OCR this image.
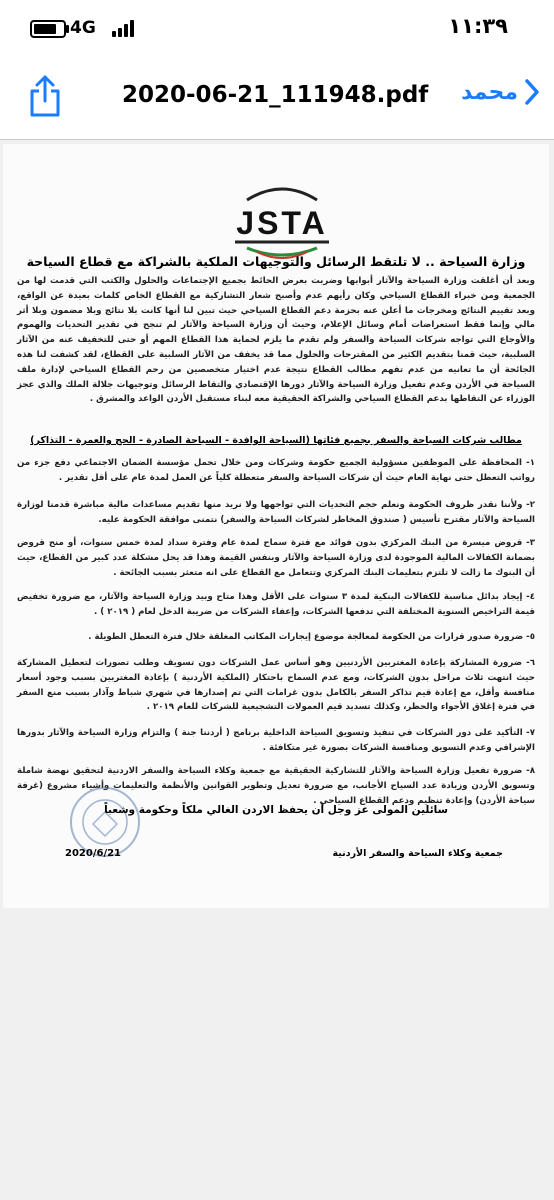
4G	١١:٣٩
2020-06-21_111948.pdf محمد
JSTA
وزارة السياحة .. لا تلتقط الرسائل والتوجيهات الملكية بالشراكة مع قطاع السياحة
وبعد أن أغلقت وزارة السياحة والآثار أبوابها وضربت بعرض الحائط بجميع الإجتماعات والحلول والكتب التي قدمت لها من الجمعية ومن خبراء القطاع السياحي وكان رأيهم عدم وأصبح شعار التشاركية مع القطاع الخاص كلمات بعيدة عن الواقع، وبعد تقييم النتائج ومخرجات ما أعلن عنه بحزمة دعم القطاع السياحي حيث تبين لنا أنها كانت بلا نتائج وبلا مضمون وبلا أثر مالي وإنما فقط استعراضات أمام وسائل الإعلام، وحيث أن وزارة السياحة والآثار لم تنجح في تقدير التحديات والهموم والأوجاع التي تواجه شركات السياحة والسفر ولم تقدم ما يلزم لحماية هذا القطاع المهم أو حتى للتخفيف عنه من الآثار السلبية، حيث قمنا بتقديم الكثير من المقترحات والحلول مما قد يخفف من الآثار السلبية على القطاع، لقد كشفت لنا هذه الجائحة أن ما تعانيه من عدم تفهم مطالب القطاع نتيجة عدم اختيار متخصصين من رحم القطاع السياحي لإدارة ملف السياحة في الأردن وعدم تفعيل وزارة السياحة والآثار دورها الإقتصادي والتقاط الرسائل وتوجيهات جلالة الملك والذي عجز الوزراء عن التقاطها بدعم القطاع السياحي والشراكة الحقيقية معه لبناء مستقبل الأردن الواعد والمشرق .
مطالب شركات السياحة والسفر بجميع فئاتها (السياحة الوافدة - السياحة الصادرة - الحج والعمرة - التذاكر)
١- المحافظة على الموظفين مسؤولية الجميع حكومة وشركات ومن خلال تحمل مؤسسة الضمان الاجتماعي دفع جزء من رواتب التعطل حتى نهاية العام حيث أن شركات السياحة والسفر متعطلة كلياً عن العمل لمدة عام على أقل تقدير .
٢- ولأننا نقدر ظروف الحكومة ونعلم حجم التحديات التي تواجهها ولا نريد منها تقديم مساعدات مالية مباشرة قدمنا لوزارة السياحة والآثار مقترح تأسيس ( صندوق المخاطر لشركات السياحة والسفر) نتمنى موافقة الحكومة عليه.
٣- قروض ميسرة من البنك المركزي بدون فوائد مع فترة سماح لمدة عام وفترة سداد لمدة خمس سنوات، أو منح قروض بضمانة الكفالات المالية الموجودة لدى وزارة السياحة والآثار وبنفس القيمة وهذا قد يحل مشكلة عدد كبير من القطاع، حيث أن البنوك ما زالت لا تلتزم بتعليمات البنك المركزي وتتعامل مع القطاع على انه متعثر بسبب الجائحة .
٤- إيجاد بدائل مناسبة للكفالات البنكية لمدة ٣ سنوات على الأقل وهذا متاح وبيد وزارة السياحة والآثار، مع ضرورة تخفيض قيمة التراخيص السنوية المختلفة التي تدفعها الشركات، وإعفاء الشركات من ضريبة الدخل لعام ( ٢٠١٩ ) .
٥- ضرورة صدور قرارات من الحكومة لمعالجة موضوع إيجارات المكاتب المغلقة خلال فترة التعطل الطويلة .
٦- ضرورة المشاركة بإعادة المغتربين الأردنيين وهو أساس عمل الشركات دون تسويف وطلب تصورات لتعطيل المشاركة حيث انتهت ثلاث مراحل بدون الشركات، ومع عدم السماح باحتكار (الملكية الأردنية ) بإعادة المغتربين بسبب وجود أسعار منافسة وأقل، مع إعادة قيم تذاكر السفر بالكامل بدون غرامات التي تم إصدارها في شهري شباط وآذار بسبب منع السفر في فترة إغلاق الأجواء والحظر، وكذلك تسديد قيم العمولات التشجيعية للشركات للعام ٢٠١٩ .
٧- التأكيد على دور الشركات في تنفيذ وتسويق السياحة الداخلية برنامج ( أردننا جنة ) والتزام وزارة السياحة والآثار بدورها الإشرافي وعدم التسويق ومنافسة الشركات بصورة غير متكافئة .
٨- ضرورة تفعيل وزارة السياحة والآثار للتشاركية الحقيقية مع جمعية وكلاء السياحة والسفر الاردنية لتحقيق نهضة شاملة وتسويق الأردن وزيادة عدد السياح الأجانب، مع ضرورة تعديل وتطوير القوانين والأنظمة والتعليمات وأشياء مشروع (غرفة سياحة الأردن) وإعادة تنظيم ودعم القطاع السياحي .
سائلين المولى عز وجل أن يحفظ الاردن الغالي ملكاً وحكومة وشعباً
جمعية وكلاء السياحة والسفر الأردنية
2020/6/21
